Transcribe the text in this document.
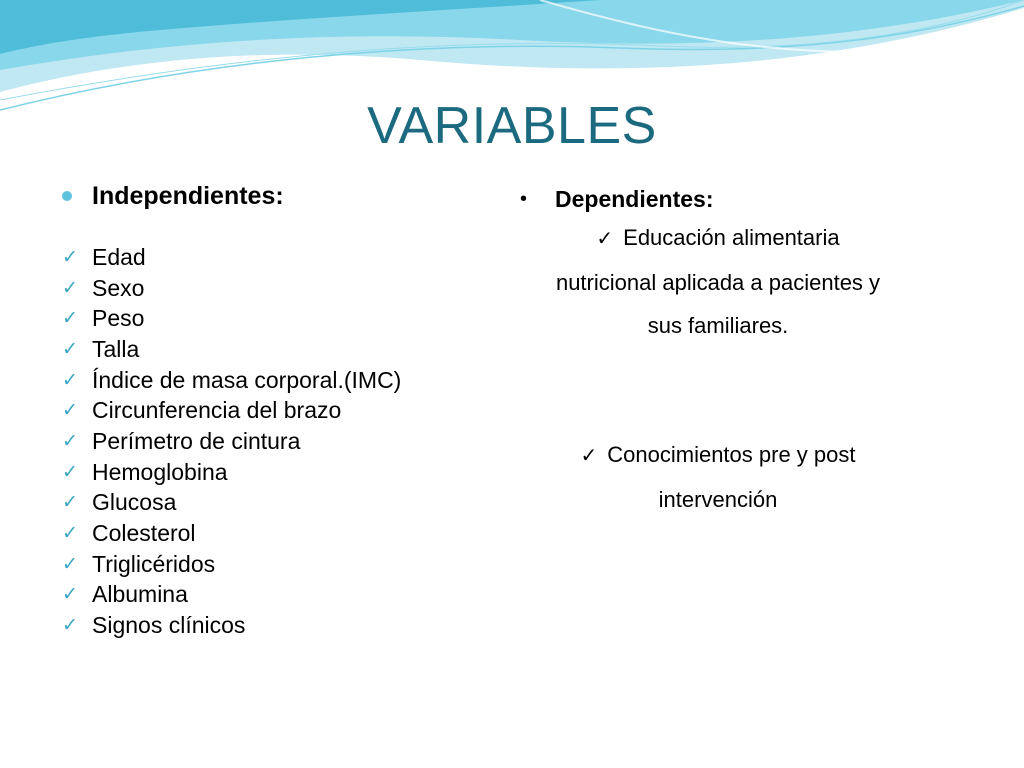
VARIABLES
Independientes:
✓ Edad
✓ Sexo
✓ Peso
✓ Talla
✓ Índice de masa corporal.(IMC)
✓ Circunferencia del brazo
✓ Perímetro de cintura
✓ Hemoglobina
✓ Glucosa
✓ Colesterol
✓ Triglicéridos
✓ Albumina
✓ Signos clínicos
• Dependientes:
✓ Educación alimentaria
nutricional aplicada a pacientes y
sus familiares.
✓ Conocimientos pre y post
intervención
